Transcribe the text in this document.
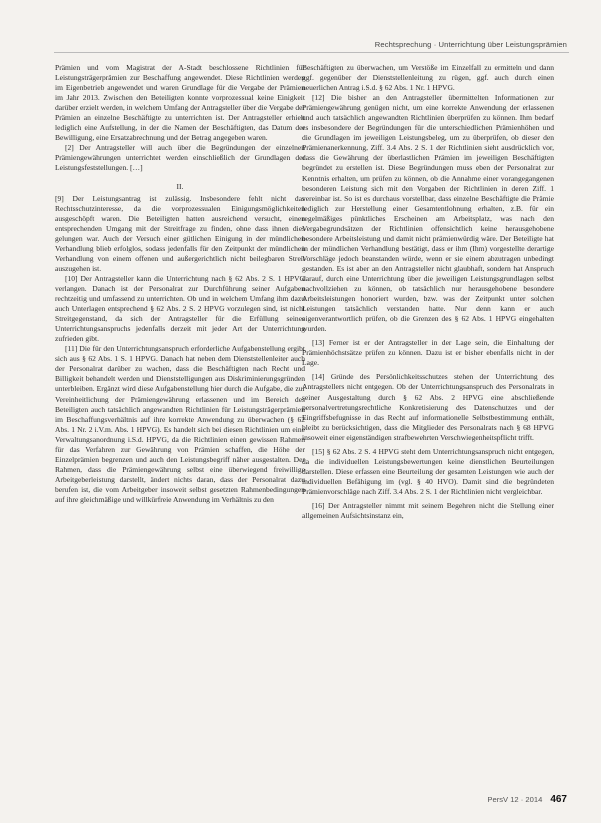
Rechtsprechung · Unterrichtung über Leistungsprämien

Prämien und vom Magistrat der A-Stadt beschlossene Richtlinien für Leistungsträgerprämien zur Beschaffung angewendet. Diese Richtlinien werden im Eigenbetrieb angewendet und waren Grundlage für die Vergabe der Prämien im Jahr 2013. Zwischen den Beteiligten konnte vorprozessual keine Einigkeit darüber erzielt werden, in welchem Umfang der Antragsteller über die Vergabe der Prämien an einzelne Beschäftigte zu unterrichten ist. Der Antragsteller erhielt lediglich eine Aufstellung, in der die Namen der Beschäftigten, das Datum der Bewilligung, eine Ersatzabrechnung und der Betrag angegeben waren.

[2] Der Antragsteller will auch über die Begründungen der einzelnen Prämiengewährungen unterrichtet werden einschließlich der Grundlagen der Leistungsfeststellungen. […]

II.

[9] Der Leistungsantrag ist zulässig. Insbesondere fehlt nicht das Rechtsschutzinteresse, da die vorprozessualen Einigungsmöglichkeiten ausgeschöpft waren. Die Beteiligten hatten ausreichend versucht, einen entsprechenden Umgang mit der Streitfrage zu finden, ohne dass ihnen dies gelungen war. Auch der Versuch einer gütlichen Einigung in der mündlichen Verhandlung blieb erfolglos, sodass jedenfalls für den Zeitpunkt der mündlichen Verhandlung von einem offenen und außergerichtlich nicht beilegbaren Streit auszugehen ist.

[10] Der Antragsteller kann die Unterrichtung nach § 62 Abs. 2 S. 1 HPVG verlangen. Danach ist der Personalrat zur Durchführung seiner Aufgaben rechtzeitig und umfassend zu unterrichten. Ob und in welchem Umfang ihm dazu auch Unterlagen entsprechend § 62 Abs. 2 S. 2 HPVG vorzulegen sind, ist nicht Streitgegenstand, da sich der Antragsteller für die Erfüllung seines Unterrichtungsanspruchs jedenfalls derzeit mit jeder Art der Unterrichtung zufrieden gibt.

[11] Die für den Unterrichtungsanspruch erforderliche Aufgabenstellung ergibt sich aus § 62 Abs. 1 S. 1 HPVG. Danach hat neben dem Dienststellenleiter auch der Personalrat darüber zu wachen, dass die Beschäftigten nach Recht und Billigkeit behandelt werden und Dienststelligungen aus Diskriminierungsgründen unterbleiben. Ergänzt wird diese Aufgabenstellung hier durch die Aufgabe, die zur Vereinheitlichung der Prämiengewährung erlassenen und im Bereich des Beteiligten auch tatsächlich angewandten Richtlinien für Leistungsträgerprämien im Beschaffungsverhältnis auf ihre korrekte Anwendung zu überwachen (§ 62 Abs. 1 Nr. 2 i.V.m. Abs. 1 HPVG). Es handelt sich bei diesen Richtlinien um eine Verwaltungsanordnung i.S.d. HPVG, da die Richtlinien einen gewissen Rahmen für das Verfahren zur Gewährung von Prämien schaffen, die Höhe der Einzelprämien begrenzen und auch den Leistungsbegriff näher ausgestalten. Der Rahmen, dass die Prämiengewährung selbst eine überwiegend freiwillige Arbeitgeberleistung darstellt, ändert nichts daran, dass der Personalrat dazu berufen ist, die vom Arbeitgeber insoweit selbst gesetzten Rahmenbedingungen auf ihre gleichmäßige und willkürfreie Anwendung im Verhältnis zu den

Beschäftigten zu überwachen, um Verstöße im Einzelfall zu ermitteln und dann ggf. gegenüber der Dienststellenleitung zu rügen, ggf. auch durch einen neuerlichen Antrag i.S.d. § 62 Abs. 1 Nr. 1 HPVG.

[12] Die bisher an den Antragsteller übermittelten Informationen zur Prämiengewährung genügen nicht, um eine korrekte Anwendung der erlassenen und auch tatsächlich angewandten Richtlinien überprüfen zu können. Ihm bedarf es insbesondere der Begründungen für die unterschiedlichen Prämienhöhen und die Grundlagen im jeweiligen Leistungsbeleg, um zu überprüfen, ob dieser den Prämienanerkennung, Ziff. 3.4 Abs. 2 S. 1 der Richtlinien sieht ausdrücklich vor, dass die Gewährung der überlastlichen Prämien im jeweiligen Beschäftigten begründet zu erstellen ist. Diese Begründungen muss eben der Personalrat zur Kenntnis erhalten, um prüfen zu können, ob die Annahme einer vorangegangenen besonderen Leistung sich mit den Vorgaben der Richtlinien in deren Ziff. 1 vereinbar ist. So ist es durchaus vorstellbar, dass einzelne Beschäftigte die Prämie lediglich zur Herstellung einer Gesamtentlohnung erhalten, z.B. für ein regelmäßiges pünktliches Erscheinen am Arbeitsplatz, was nach den Vergabegrundsätzen der Richtlinien offensichtlich keine herausgehobene besondere Arbeitsleistung und damit nicht prämienwürdig wäre. Der Beteiligte hat in der mündlichen Verhandlung bestätigt, dass er ihm (Ihm) vorgestellte derartige Vorschläge jedoch beanstanden würde, wenn er sie einem abzutragen unbedingt gestanden. Es ist aber an den Antragsteller nicht glaubhaft, sondern hat Anspruch darauf, durch eine Unterrichtung über die jeweiligen Leistungsgrundlagen selbst nachvollziehen zu können, ob tatsächlich nur herausgehobene besondere Arbeitsleistungen honoriert wurden, bzw. was der Zeitpunkt unter solchen Leistungen tatsächlich verstanden hatte. Nur denn kann er auch eigenverantwortlich prüfen, ob die Grenzen des § 62 Abs. 1 HPVG eingehalten wurden.

[13] Ferner ist er der Antragsteller in der Lage sein, die Einhaltung der Prämienhöchstsätze prüfen zu können. Dazu ist er bisher ebenfalls nicht in der Lage.

[14] Gründe des Persönlichkeitsschutzes stehen der Unterrichtung des Antragstellers nicht entgegen. Ob der Unterrichtungsanspruch des Personalrats in seiner Ausgestaltung durch § 62 Abs. 2 HPVG eine abschließende personalvertretungsrechtliche Konkretisierung des Datenschutzes und der Eingriffsbefugnisse in das Recht auf informationelle Selbstbestimmung enthält, bleibt zu berücksichtigen, dass die Mitglieder des Personalrats nach § 68 HPVG insoweit einer eigenständigen strafbewehrten Verschwiegenheitspflicht trifft.

[15] § 62 Abs. 2 S. 4 HPVG steht dem Unterrichtungsanspruch nicht entgegen, da die individuellen Leistungsbewertungen keine dienstlichen Beurteilungen darstellen. Diese erfassen eine Beurteilung der gesamten Leistungen wie auch der individuellen Befähigung im (vgl. § 40 HVO). Damit sind die begründeten Prämienvorschläge nach Ziff. 3.4 Abs. 2 S. 1 der Richtlinien nicht vergleichbar.

[16] Der Antragsteller nimmt mit seinem Begehren nicht die Stellung einer allgemeinen Aufsichtsinstanz ein,

PersV 12 · 2014 467
